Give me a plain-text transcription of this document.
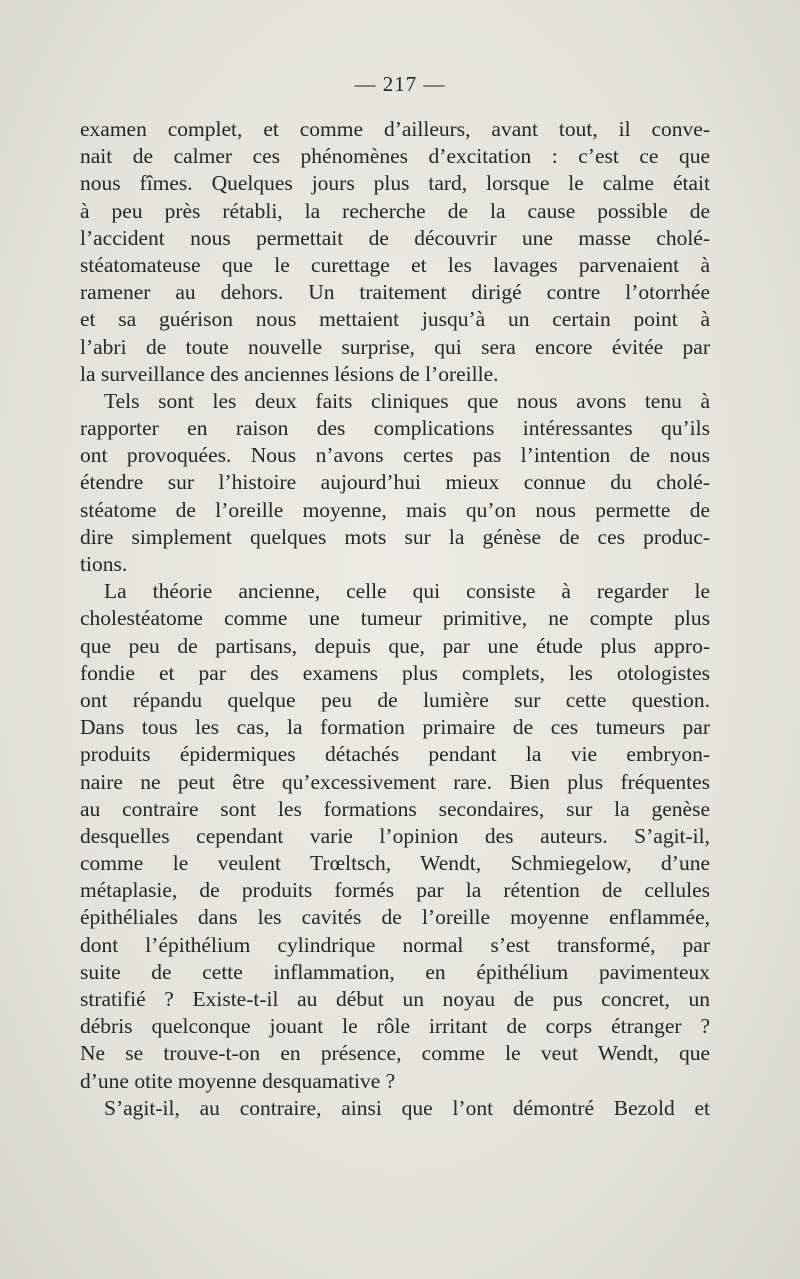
— 217 —
examen complet, et comme d’ailleurs, avant tout, il conve-
nait de calmer ces phénomènes d’excitation : c’est ce que
nous fîmes. Quelques jours plus tard, lorsque le calme était
à peu près rétabli, la recherche de la cause possible de
l’accident nous permettait de découvrir une masse cholé-
stéatomateuse que le curettage et les lavages parvenaient à
ramener au dehors. Un traitement dirigé contre l’otorrhée
et sa guérison nous mettaient jusqu’à un certain point à
l’abri de toute nouvelle surprise, qui sera encore évitée par
la surveillance des anciennes lésions de l’oreille.
Tels sont les deux faits cliniques que nous avons tenu à
rapporter en raison des complications intéressantes qu’ils
ont provoquées. Nous n’avons certes pas l’intention de nous
étendre sur l’histoire aujourd’hui mieux connue du cholé-
stéatome de l’oreille moyenne, mais qu’on nous permette de
dire simplement quelques mots sur la génèse de ces produc-
tions.
La théorie ancienne, celle qui consiste à regarder le
cholestéatome comme une tumeur primitive, ne compte plus
que peu de partisans, depuis que, par une étude plus appro-
fondie et par des examens plus complets, les otologistes
ont répandu quelque peu de lumière sur cette question.
Dans tous les cas, la formation primaire de ces tumeurs par
produits épidermiques détachés pendant la vie embryon-
naire ne peut être qu’excessivement rare. Bien plus fréquentes
au contraire sont les formations secondaires, sur la genèse
desquelles cependant varie l’opinion des auteurs. S’agit-il,
comme le veulent Trœltsch, Wendt, Schmiegelow, d’une
métaplasie, de produits formés par la rétention de cellules
épithéliales dans les cavités de l’oreille moyenne enflammée,
dont l’épithélium cylindrique normal s’est transformé, par
suite de cette inflammation, en épithélium pavimenteux
stratifié ? Existe-t-il au début un noyau de pus concret, un
débris quelconque jouant le rôle irritant de corps étranger ?
Ne se trouve-t-on en présence, comme le veut Wendt, que
d’une otite moyenne desquamative ?
S’agit-il, au contraire, ainsi que l’ont démontré Bezold et
